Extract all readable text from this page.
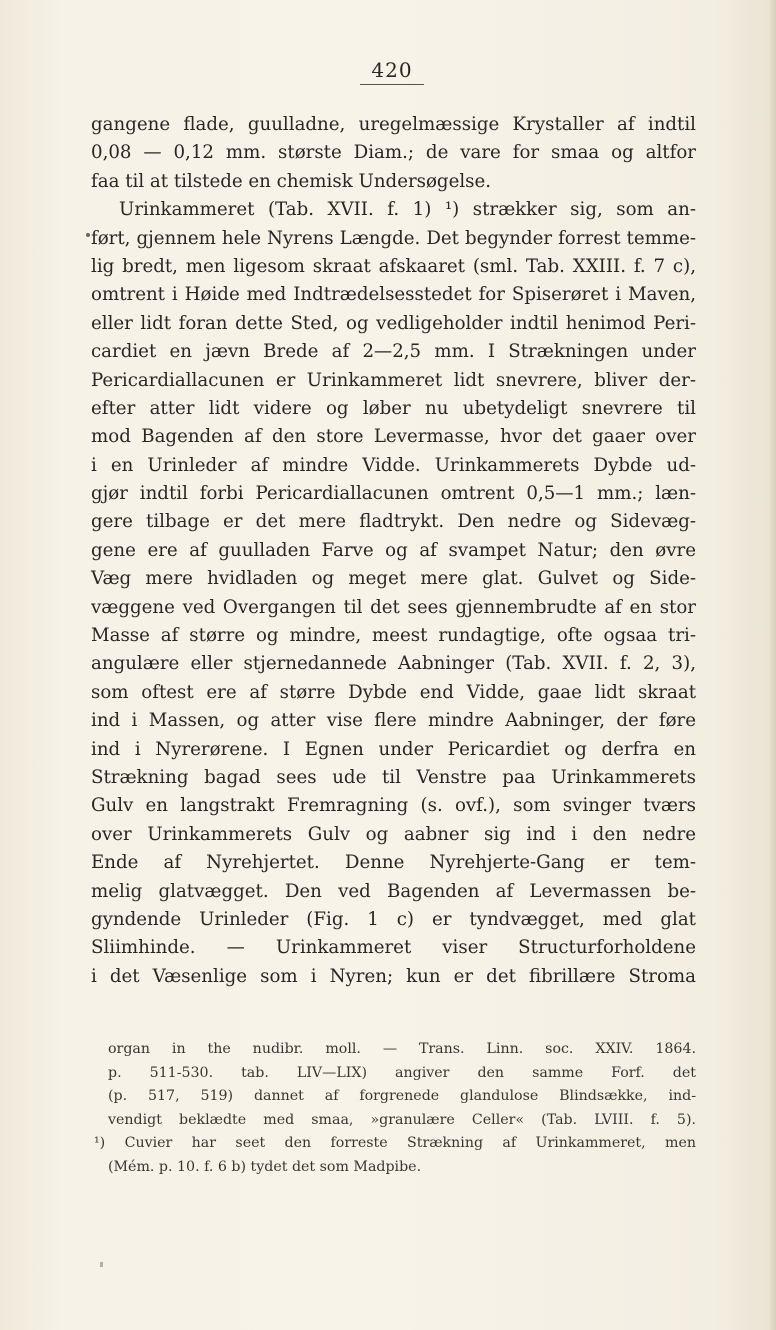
420
gangene flade, guulladne, uregelmæssige Krystaller af indtil
0,08 — 0,12 mm. største Diam.; de vare for smaa og altfor
faa til at tilstede en chemisk Undersøgelse.
Urinkammeret (Tab. XVII. f. 1) ¹) strækker sig, som an-
ført, gjennem hele Nyrens Længde. Det begynder forrest temme-
lig bredt, men ligesom skraat afskaaret (sml. Tab. XXIII. f. 7 c),
omtrent i Høide med Indtrædelsesstedet for Spiserøret i Maven,
eller lidt foran dette Sted, og vedligeholder indtil henimod Peri-
cardiet en jævn Brede af 2—2,5 mm. I Strækningen under
Pericardiallacunen er Urinkammeret lidt snevrere, bliver der-
efter atter lidt videre og løber nu ubetydeligt snevrere til
mod Bagenden af den store Levermasse, hvor det gaaer over
i en Urinleder af mindre Vidde. Urinkammerets Dybde ud-
gjør indtil forbi Pericardiallacunen omtrent 0,5—1 mm.; læn-
gere tilbage er det mere fladtrykt. Den nedre og Sidevæg-
gene ere af guulladen Farve og af svampet Natur; den øvre
Væg mere hvidladen og meget mere glat. Gulvet og Side-
væggene ved Overgangen til det sees gjennembrudte af en stor
Masse af større og mindre, meest rundagtige, ofte ogsaa tri-
angulære eller stjernedannede Aabninger (Tab. XVII. f. 2, 3),
som oftest ere af større Dybde end Vidde, gaae lidt skraat
ind i Massen, og atter vise flere mindre Aabninger, der føre
ind i Nyrerørene. I Egnen under Pericardiet og derfra en
Strækning bagad sees ude til Venstre paa Urinkammerets
Gulv en langstrakt Fremragning (s. ovf.), som svinger tværs
over Urinkammerets Gulv og aabner sig ind i den nedre
Ende af Nyrehjertet. Denne Nyrehjerte-Gang er tem-
melig glatvægget. Den ved Bagenden af Levermassen be-
gyndende Urinleder (Fig. 1 c) er tyndvægget, med glat
Sliimhinde. — Urinkammeret viser Structurforholdene
i det Væsenlige som i Nyren; kun er det fibrillære Stroma
organ in the nudibr. moll. — Trans. Linn. soc. XXIV. 1864.
p. 511-530. tab. LIV—LIX) angiver den samme Forf. det
(p. 517, 519) dannet af forgrenede glandulose Blindsække, ind-
vendigt beklædte med smaa, »granulære Celler« (Tab. LVIII. f. 5).
¹) Cuvier har seet den forreste Strækning af Urinkammeret, men
(Mém. p. 10. f. 6 b) tydet det som Madpibe.
